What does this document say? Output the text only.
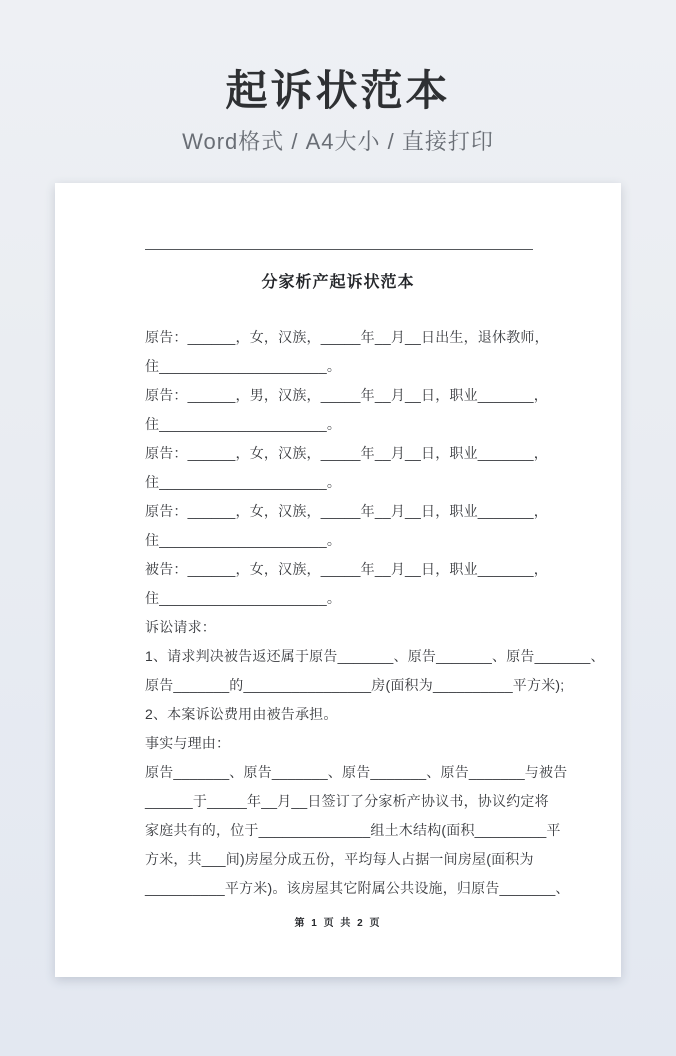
起诉状范本
Word格式 / A4大小 / 直接打印
分家析产起诉状范本
原告：______，女，汉族，_____年__月__日出生，退休教师，
住_____________________。
原告：______，男，汉族，_____年__月__日，职业_______，
住_____________________。
原告：______，女，汉族，_____年__月__日，职业_______，
住_____________________。
原告：______，女，汉族，_____年__月__日，职业_______，
住_____________________。
被告：______，女，汉族，_____年__月__日，职业_______，
住_____________________。
诉讼请求：
1、请求判决被告返还属于原告_______、原告_______、原告_______、
原告_______的________________房(面积为__________平方米);
2、本案诉讼费用由被告承担。
事实与理由：
原告_______、原告_______、原告_______、原告_______与被告
______于_____年__月__日签订了分家析产协议书，协议约定将
家庭共有的，位于______________组土木结构(面积_________平
方米，共___间)房屋分成五份，平均每人占据一间房屋(面积为
__________平方米)。该房屋其它附属公共设施，归原告_______、
第 1 页 共 2 页
